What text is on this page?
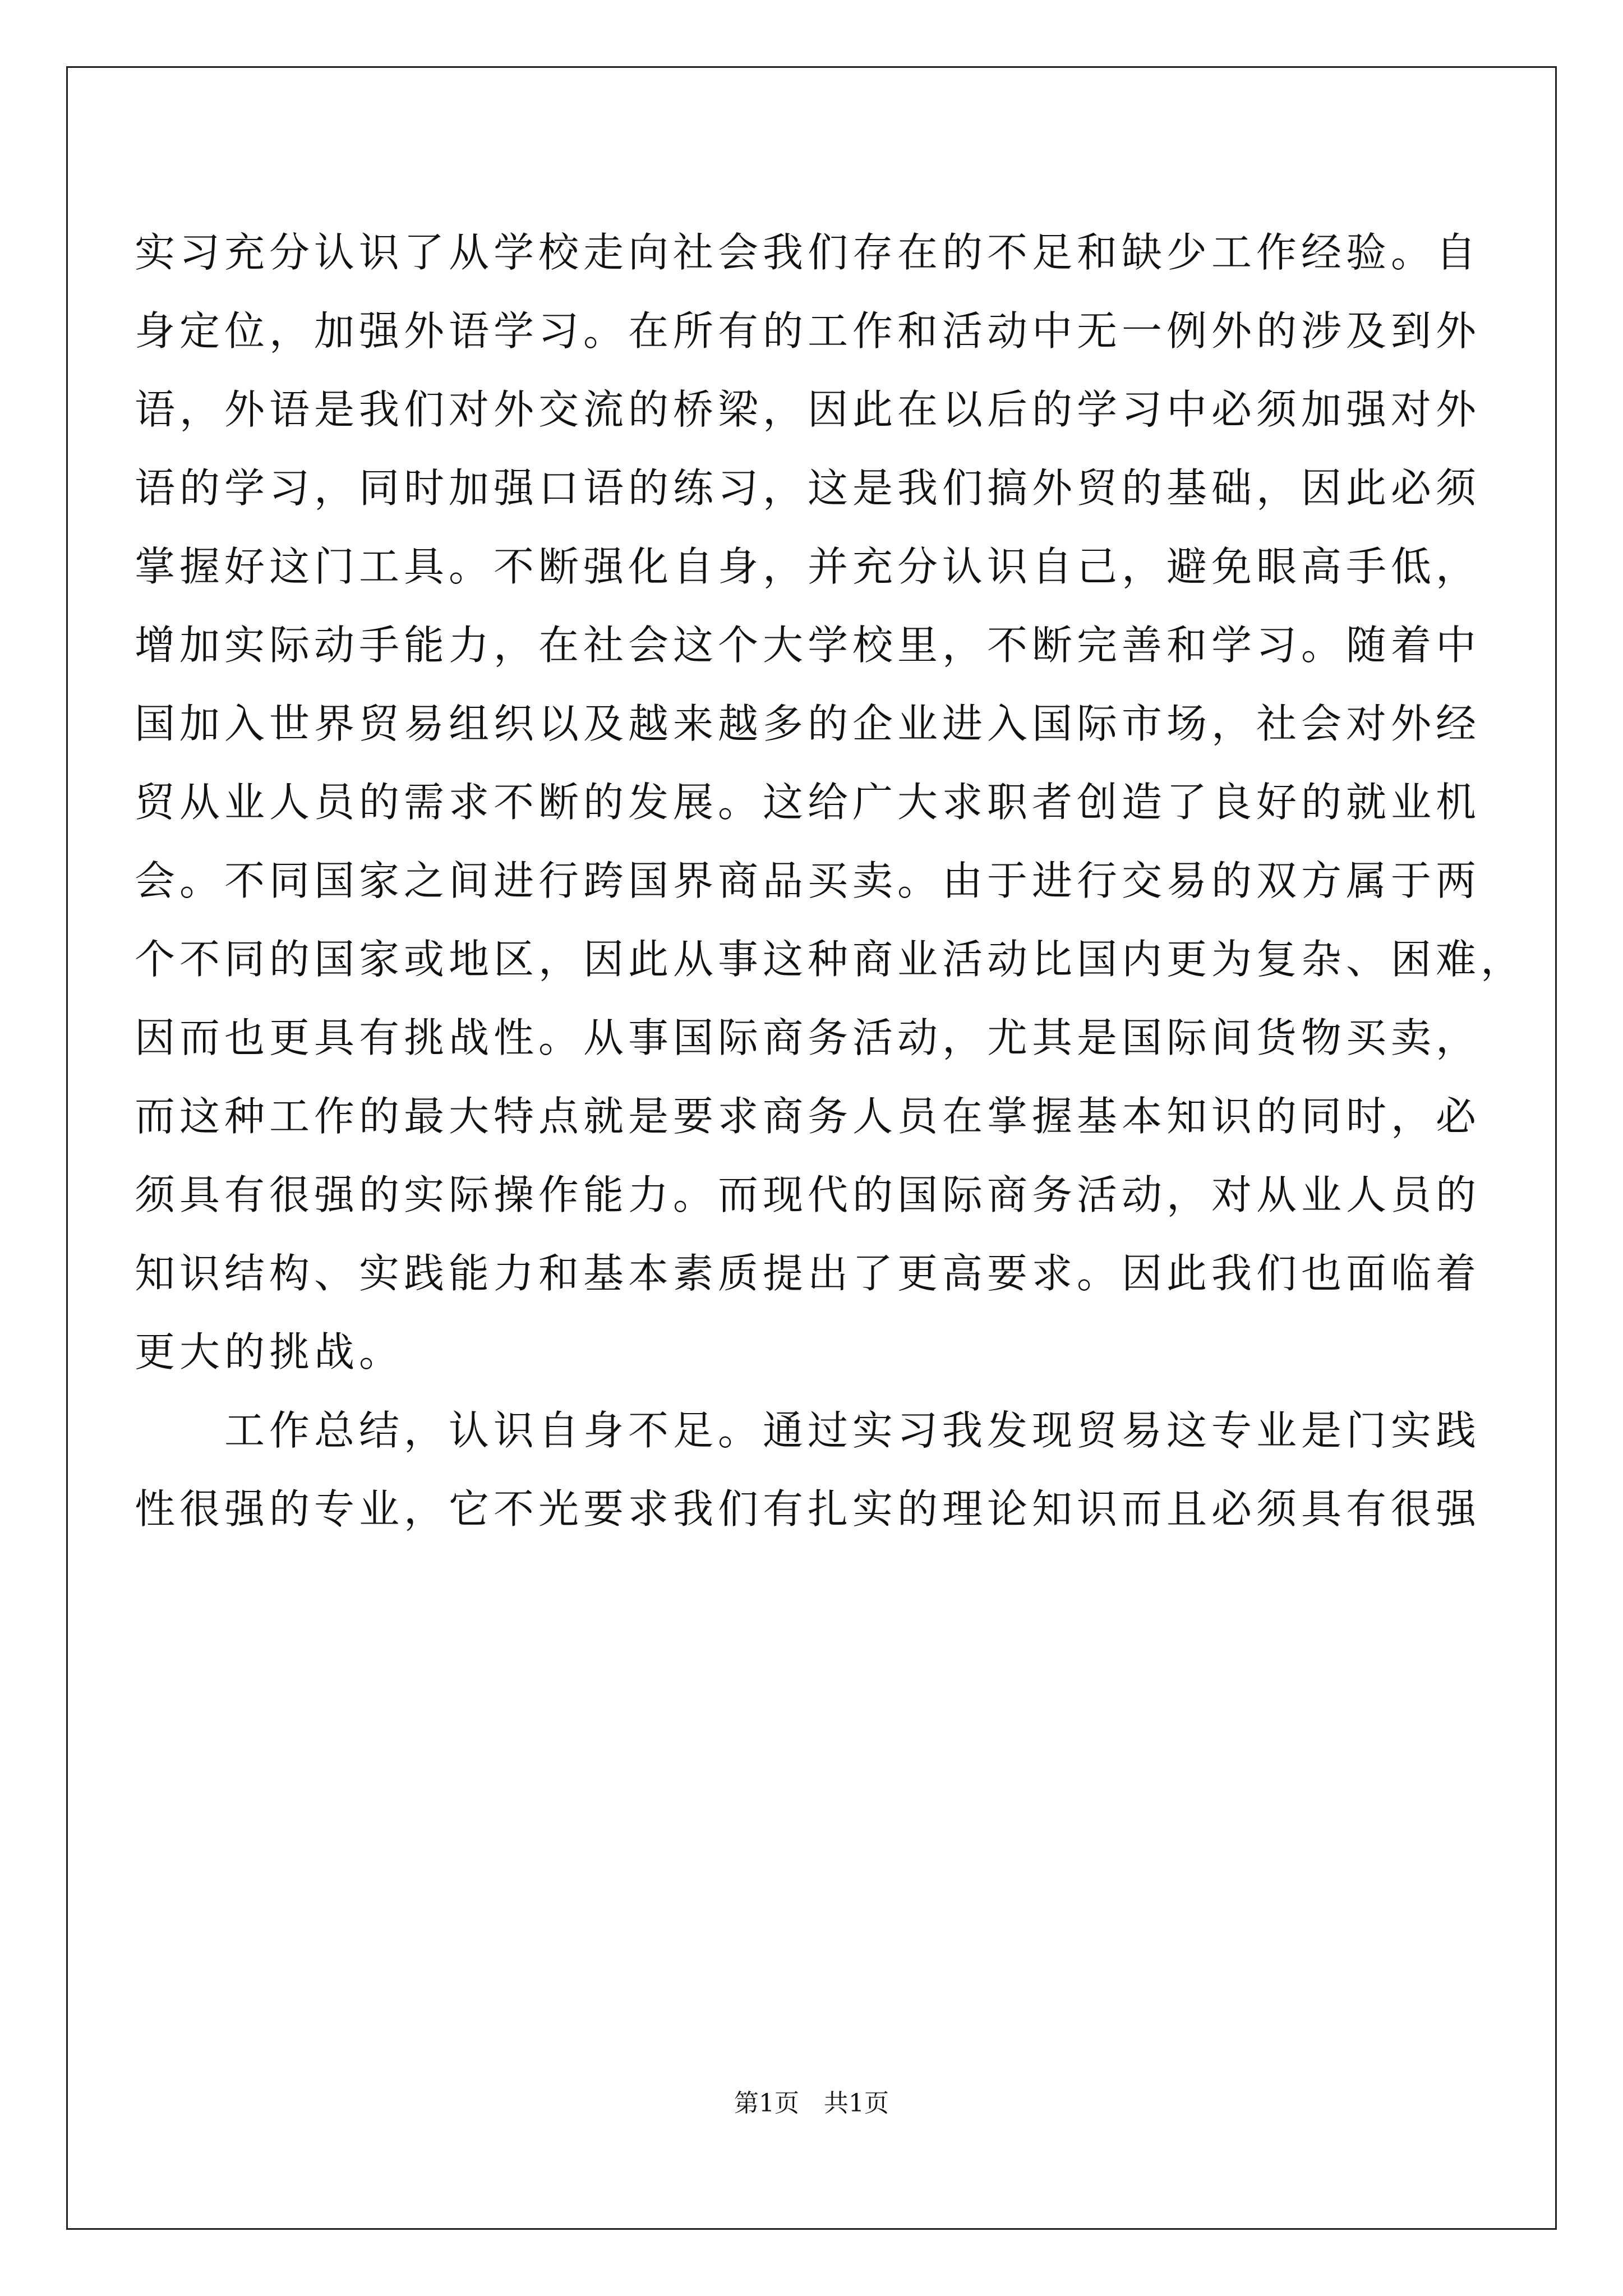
实习充分认识了从学校走向社会我们存在的不足和缺少工作经验。自
身定位，加强外语学习。在所有的工作和活动中无一例外的涉及到外
语，外语是我们对外交流的桥梁，因此在以后的学习中必须加强对外
语的学习，同时加强口语的练习，这是我们搞外贸的基础，因此必须
掌握好这门工具。不断强化自身，并充分认识自己，避免眼高手低，
增加实际动手能力，在社会这个大学校里，不断完善和学习。随着中
国加入世界贸易组织以及越来越多的企业进入国际市场，社会对外经
贸从业人员的需求不断的发展。这给广大求职者创造了良好的就业机
会。不同国家之间进行跨国界商品买卖。由于进行交易的双方属于两
个不同的国家或地区，因此从事这种商业活动比国内更为复杂、困难，
因而也更具有挑战性。从事国际商务活动，尤其是国际间货物买卖，
而这种工作的最大特点就是要求商务人员在掌握基本知识的同时，必
须具有很强的实际操作能力。而现代的国际商务活动，对从业人员的
知识结构、实践能力和基本素质提出了更高要求。因此我们也面临着
更大的挑战。
　　工作总结，认识自身不足。通过实习我发现贸易这专业是门实践
性很强的专业，它不光要求我们有扎实的理论知识而且必须具有很强
第1页　共1页
